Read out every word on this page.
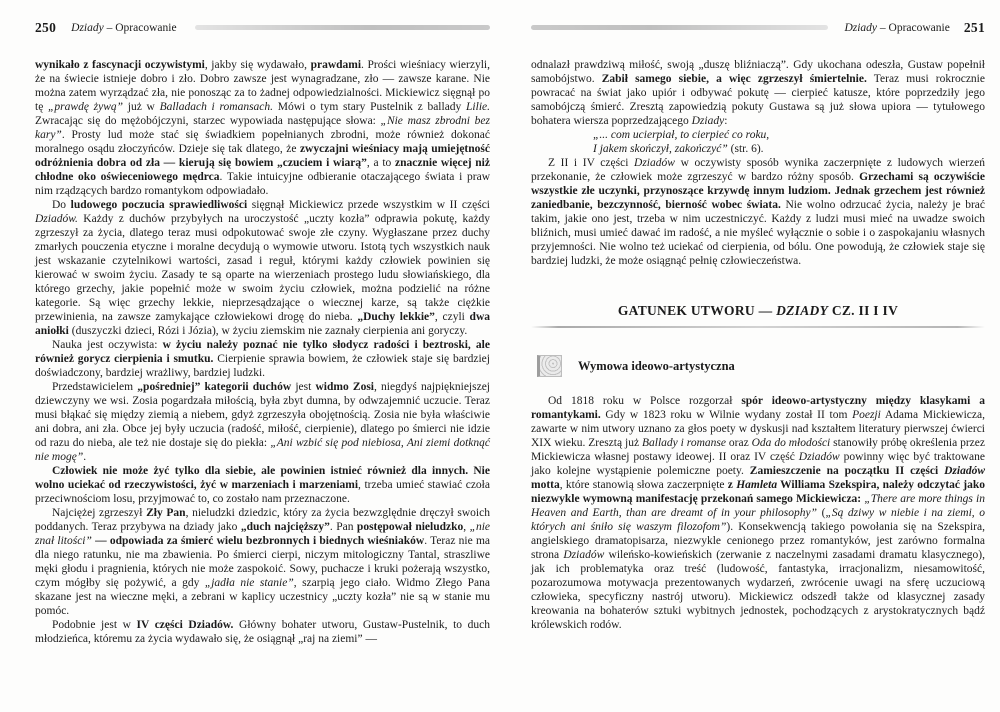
250 Dziady – Opracowanie

wynikało z fascynacji oczywistymi, jakby się wydawało, prawdami. Prości wieśniacy wierzyli, że na świecie istnieje dobro i zło. Dobro zawsze jest wynagradzane, zło — zawsze karane. Nie można zatem wyrządzać zła, nie ponosząc za to żadnej odpowiedzialności. Mickiewicz sięgnął po tę „prawdę żywą” już w Balladach i romansach. Mówi o tym stary Pustelnik z ballady Lilie. Zwracając się do mężobójczyni, starzec wypowiada następujące słowa: „Nie masz zbrodni bez kary”. Prosty lud może stać się świadkiem popełnianych zbrodni, może również dokonać moralnego osądu złoczyńców. Dzieje się tak dlatego, że zwyczajni wieśniacy mają umiejętność odróżnienia dobra od zła — kierują się bowiem „czuciem i wiarą”, a to znacznie więcej niż chłodne oko oświeceniowego mędrca. Takie intuicyjne odbieranie otaczającego świata i praw nim rządzących bardzo romantykom odpowiadało.

Do ludowego poczucia sprawiedliwości sięgnął Mickiewicz przede wszystkim w II części Dziadów. Każdy z duchów przybyłych na uroczystość „uczty kozła” odprawia pokutę, każdy zgrzeszył za życia, dlatego teraz musi odpokutować swoje złe czyny. Wygłaszane przez duchy zmarłych pouczenia etyczne i moralne decydują o wymowie utworu. Istotą tych wszystkich nauk jest wskazanie czytelnikowi wartości, zasad i reguł, którymi każdy człowiek powinien się kierować w swoim życiu. Zasady te są oparte na wierzeniach prostego ludu słowiańskiego, dla którego grzechy, jakie popełnić może w swoim życiu człowiek, można podzielić na różne kategorie. Są więc grzechy lekkie, nieprzesądzające o wiecznej karze, są także ciężkie przewinienia, na zawsze zamykające człowiekowi drogę do nieba. „Duchy lekkie”, czyli dwa aniołki (duszyczki dzieci, Rózi i Józia), w życiu ziemskim nie zaznały cierpienia ani goryczy.

Nauka jest oczywista: w życiu należy poznać nie tylko słodycz radości i beztroski, ale również gorycz cierpienia i smutku. Cierpienie sprawia bowiem, że człowiek staje się bardziej doświadczony, bardziej wrażliwy, bardziej ludzki.

Przedstawicielem „pośredniej” kategorii duchów jest widmo Zosi, niegdyś najpiękniejszej dziewczyny we wsi. Zosia pogardzała miłością, była zbyt dumna, by odwzajemnić uczucie. Teraz musi błąkać się między ziemią a niebem, gdyż zgrzeszyła obojętnością. Zosia nie była właściwie ani dobra, ani zła. Obce jej były uczucia (radość, miłość, cierpienie), dlatego po śmierci nie idzie od razu do nieba, ale też nie dostaje się do piekła: „Ani wzbić się pod niebiosa, Ani ziemi dotknąć nie mogę”.

Człowiek nie może żyć tylko dla siebie, ale powinien istnieć również dla innych. Nie wolno uciekać od rzeczywistości, żyć w marzeniach i marzeniami, trzeba umieć stawiać czoła przeciwnościom losu, przyjmować to, co zostało nam przeznaczone.

Najciężej zgrzeszył Zły Pan, nieludzki dziedzic, który za życia bezwzględnie dręczył swoich poddanych. Teraz przybywa na dziady jako „duch najcięższy”. Pan postępował nieludzko, „nie znał litości” — odpowiada za śmierć wielu bezbronnych i biednych wieśniaków. Teraz nie ma dla niego ratunku, nie ma zbawienia. Po śmierci cierpi, niczym mitologiczny Tantal, straszliwe męki głodu i pragnienia, których nie może zaspokoić. Sowy, puchacze i kruki pożerają wszystko, czym mógłby się pożywić, a gdy „jadła nie stanie”, szarpią jego ciało. Widmo Złego Pana skazane jest na wieczne męki, a zebrani w kaplicy uczestnicy „uczty kozła” nie są w stanie mu pomóc.

Podobnie jest w IV części Dziadów. Główny bohater utworu, Gustaw-Pustelnik, to duch młodzieńca, któremu za życia wydawało się, że osiągnął „raj na ziemi” —

Dziady – Opracowanie 251

odnalazł prawdziwą miłość, swoją „duszę bliźniaczą”. Gdy ukochana odeszła, Gustaw popełnił samobójstwo. Zabił samego siebie, a więc zgrzeszył śmiertelnie. Teraz musi rokrocznie powracać na świat jako upiór i odbywać pokutę — cierpieć katusze, które poprzedziły jego samobójczą śmierć. Zresztą zapowiedzią pokuty Gustawa są już słowa upiora — tytułowego bohatera wiersza poprzedzającego Dziady:

„... com ucierpiał, to cierpieć co roku,
I jakem skończył, zakończyć” (str. 6).

Z II i IV części Dziadów w oczywisty sposób wynika zaczerpnięte z ludowych wierzeń przekonanie, że człowiek może zgrzeszyć w bardzo różny sposób. Grzechami są oczywiście wszystkie złe uczynki, przynoszące krzywdę innym ludziom. Jednak grzechem jest również zaniedbanie, bezczynność, bierność wobec świata. Nie wolno odrzucać życia, należy je brać takim, jakie ono jest, trzeba w nim uczestniczyć. Każdy z ludzi musi mieć na uwadze swoich bliźnich, musi umieć dawać im radość, a nie myśleć wyłącznie o sobie i o zaspokajaniu własnych przyjemności. Nie wolno też uciekać od cierpienia, od bólu. One powodują, że człowiek staje się bardziej ludzki, że może osiągnąć pełnię człowieczeństwa.

GATUNEK UTWORU — DZIADY CZ. II I IV
Wymowa ideowo-artystyczna

Od 1818 roku w Polsce rozgorzał spór ideowo-artystyczny między klasykami a romantykami. Gdy w 1823 roku w Wilnie wydany został II tom Poezji Adama Mickiewicza, zawarte w nim utwory uznano za głos poety w dyskusji nad kształtem literatury pierwszej ćwierci XIX wieku. Zresztą już Ballady i romanse oraz Oda do młodości stanowiły próbę określenia przez Mickiewicza własnej postawy ideowej. II oraz IV część Dziadów powinny więc być traktowane jako kolejne wystąpienie polemiczne poety. Zamieszczenie na początku II części Dziadów motta, które stanowią słowa zaczerpnięte z Hamleta Williama Szekspira, należy odczytać jako niezwykle wymowną manifestację przekonań samego Mickiewicza: „There are more things in Heaven and Earth, than are dreamt of in your philosophy” („Są dziwy w niebie i na ziemi, o których ani śniło się waszym filozofom”). Konsekwencją takiego powołania się na Szekspira, angielskiego dramatopisarza, niezwykle cenionego przez romantyków, jest zarówno formalna strona Dziadów wileńsko-kowieńskich (zerwanie z naczelnymi zasadami dramatu klasycznego), jak ich problematyka oraz treść (ludowość, fantastyka, irracjonalizm, niesamowitość, pozarozumowa motywacja prezentowanych wydarzeń, zwrócenie uwagi na sferę uczuciową człowieka, specyficzny nastrój utworu). Mickiewicz odszedł także od klasycznej zasady kreowania na bohaterów sztuki wybitnych jednostek, pochodzących z arystokratycznych bądź królewskich rodów.
